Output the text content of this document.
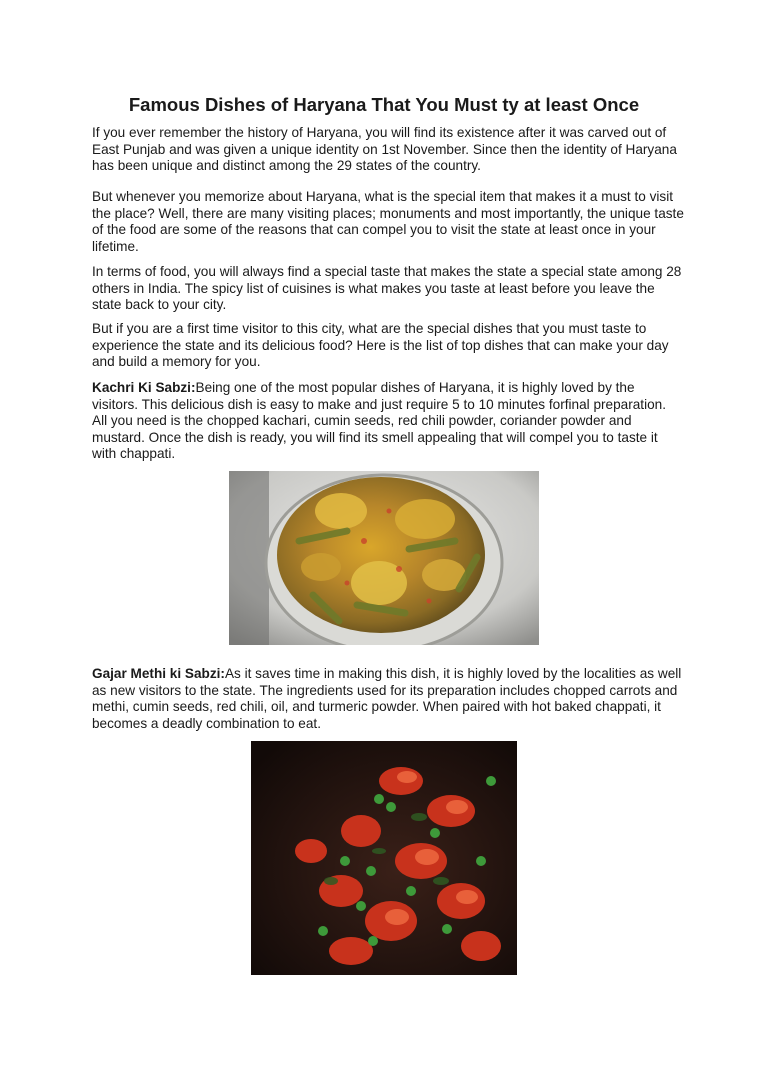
Famous Dishes of Haryana That You Must ty at least Once

If you ever remember the history of Haryana, you will find its existence after it was carved out of East Punjab and was given a unique identity on 1st November. Since then the identity of Haryana has been unique and distinct among the 29 states of the country.

But whenever you memorize about Haryana, what is the special item that makes it a must to visit the place? Well, there are many visiting places; monuments and most importantly, the unique taste of the food are some of the reasons that can compel you to visit the state at least once in your lifetime.

In terms of food, you will always find a special taste that makes the state a special state among 28 others in India. The spicy list of cuisines is what makes you taste at least before you leave the state back to your city.

But if you are a first time visitor to this city, what are the special dishes that you must taste to experience the state and its delicious food? Here is the list of top dishes that can make your day and build a memory for you.

Kachri Ki Sabzi:Being one of the most popular dishes of Haryana, it is highly loved by the visitors. This delicious dish is easy to make and just require 5 to 10 minutes forfinal preparation. All you need is the chopped kachari, cumin seeds, red chili powder, coriander powder and mustard. Once the dish is ready, you will find its smell appealing that will compel you to taste it with chappati.

Gajar Methi ki Sabzi:As it saves time in making this dish, it is highly loved by the localities as well as new visitors to the state. The ingredients used for its preparation includes chopped carrots and methi, cumin seeds, red chili, oil, and turmeric powder. When paired with hot baked chappati, it becomes a deadly combination to eat.
